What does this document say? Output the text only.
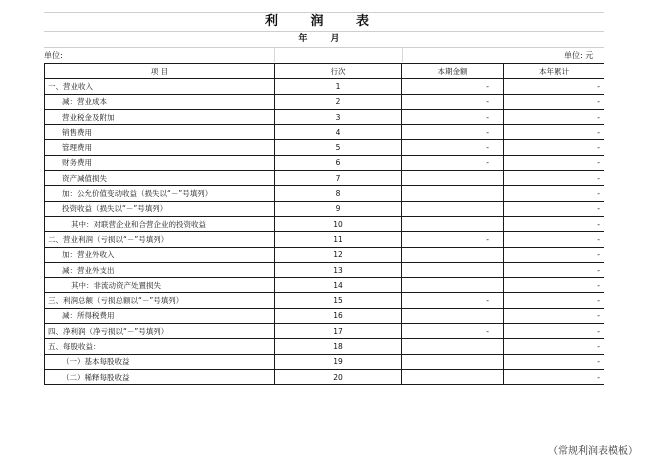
利 润 表
年 月
单位:	单位: 元
项 目	行次	本期金额	本年累计
一、营业收入	1	-	-
减：营业成本	2	-	-
营业税金及附加	3	-	-
销售费用	4	-	-
管理费用	5	-	-
财务费用	6	-	-
资产减值损失	7		-
加：公允价值变动收益（损失以“－”号填列）	8		-
投资收益（损失以“－”号填列）	9		-
其中：对联营企业和合营企业的投资收益	10		-
二、营业利润（亏损以“－”号填列）	11	-	-
加：营业外收入	12		-
减：营业外支出	13		-
其中：非流动资产处置损失	14		-
三、利润总额（亏损总额以“－”号填列）	15	-	-
减：所得税费用	16		-
四、净利润（净亏损以“－”号填列）	17	-	-
五、每股收益：	18		-
（一）基本每股收益	19		-
（二）稀释每股收益	20		-
（常规利润表模板）
